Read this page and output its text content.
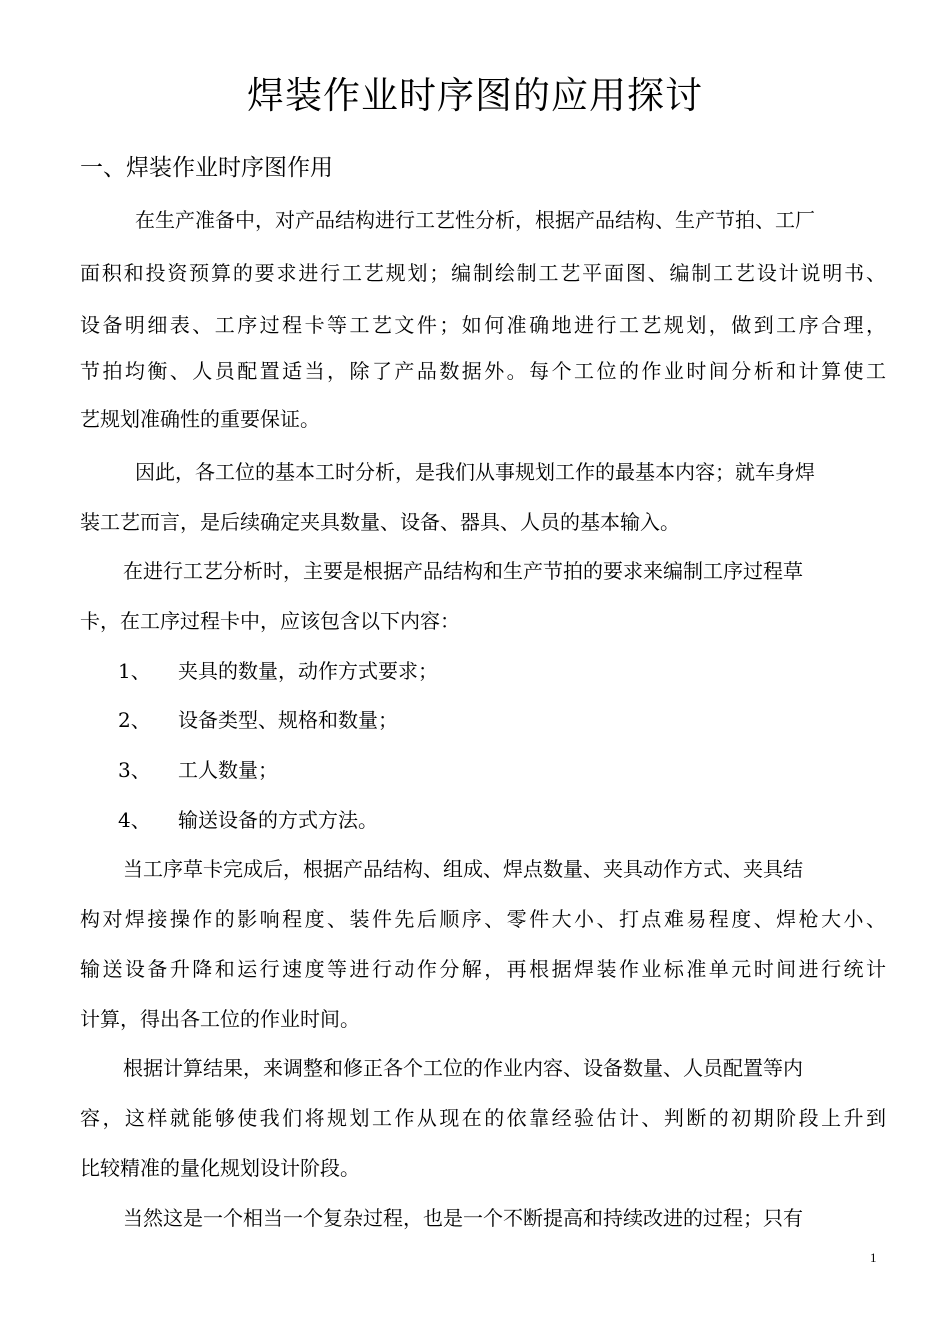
焊装作业时序图的应用探讨
一、焊装作业时序图作用

在生产准备中，对产品结构进行工艺性分析，根据产品结构、生产节拍、工厂

面积和投资预算的要求进行工艺规划；编制绘制工艺平面图、编制工艺设计说明书、

设备明细表、工序过程卡等工艺文件；如何准确地进行工艺规划，做到工序合理，

节拍均衡、人员配置适当，除了产品数据外。每个工位的作业时间分析和计算使工

艺规划准确性的重要保证。

因此，各工位的基本工时分析，是我们从事规划工作的最基本内容；就车身焊

装工艺而言，是后续确定夹具数量、设备、器具、人员的基本输入。

在进行工艺分析时，主要是根据产品结构和生产节拍的要求来编制工序过程草

卡，在工序过程卡中，应该包含以下内容：

1、 夹具的数量，动作方式要求；
2、 设备类型、规格和数量；
3、 工人数量；
4、 输送设备的方式方法。

当工序草卡完成后，根据产品结构、组成、焊点数量、夹具动作方式、夹具结

构对焊接操作的影响程度、装件先后顺序、零件大小、打点难易程度、焊枪大小、

输送设备升降和运行速度等进行动作分解，再根据焊装作业标准单元时间进行统计

计算，得出各工位的作业时间。

根据计算结果，来调整和修正各个工位的作业内容、设备数量、人员配置等内

容，这样就能够使我们将规划工作从现在的依靠经验估计、判断的初期阶段上升到

比较精准的量化规划设计阶段。

当然这是一个相当一个复杂过程，也是一个不断提高和持续改进的过程；只有

1
